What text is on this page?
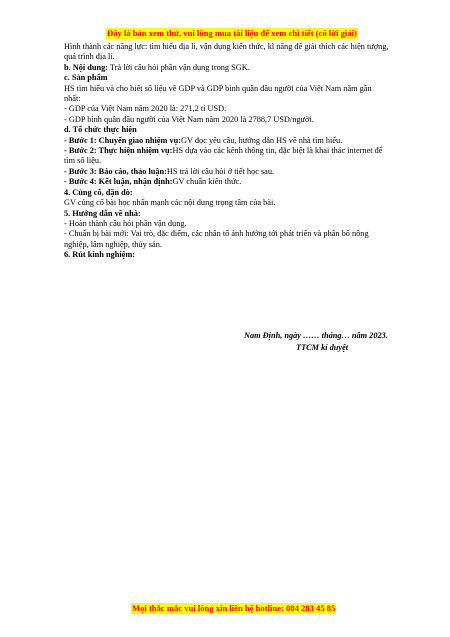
Đây là bản xem thử, vui lòng mua tài liệu để xem chi tiết (có lời giải)

Hình thành các năng lực: tìm hiểu địa lí, vận dụng kiến thức, kĩ năng để giải thích các hiện tượng, quá trình địa lí.

b. Nội dung: Trả lời câu hỏi phần vận dụng trong SGK.

c. Sản phẩm

HS tìm hiểu và cho biết số liệu về GDP và GDP bình quân đầu người của Việt Nam năm gần nhất:

- GDP của Việt Nam năm 2020 là: 271,2 tỉ USD.

- GDP bình quân đầu người của Việt Nam năm 2020 là 2788,7 USD/người.

d. Tổ chức thực hiện

- Bước 1: Chuyển giao nhiệm vụ:GV đọc yêu cầu, hướng dẫn HS về nhà tìm hiểu.

- Bước 2: Thực hiện nhiệm vụ:HS dựa vào các kênh thông tin, đặc biệt là khai thác internet để tìm số liệu.

- Bước 3: Báo cáo, thảo luận:HS trả lời câu hỏi ở tiết học sau.

- Bước 4: Kết luận, nhận định:GV chuẩn kiến thức.

4. Củng cố, dặn dò:

GV củng cố bài học nhấn mạnh các nội dung trọng tâm của bài.

5. Hướng dẫn về nhà:

- Hoàn thành câu hỏi phần vận dụng.

- Chuẩn bị bài mới: Vai trò, đặc điểm, các nhân tố ảnh hưởng tới phát triển và phân bố nông nghiệp, lâm nghiệp, thủy sản.

6. Rút kinh nghiệm:

Nam Định, ngày …… tháng… năm 2023.

TTCM kí duyệt

Mọi thắc mắc vui lòng xin liên hệ hotline: 084 283 45 85
